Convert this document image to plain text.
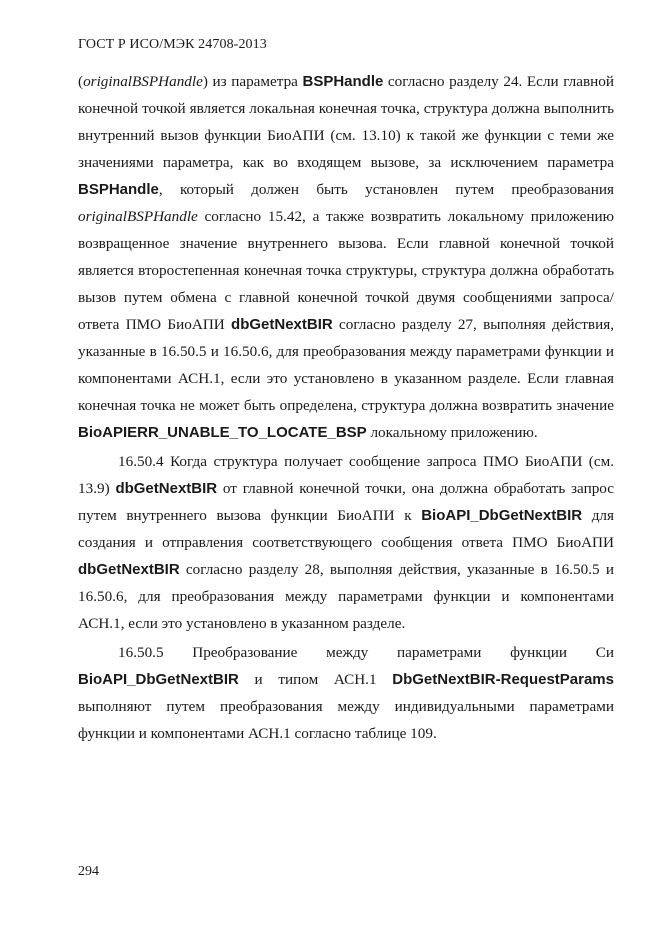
ГОСТ Р ИСО/МЭК 24708-2013

(originalBSPHandle) из параметра BSPHandle согласно разделу 24. Если главной конечной точкой является локальная конечная точка, структура должна выполнить внутренний вызов функции БиоАПИ (см. 13.10) к такой же функции с теми же значениями параметра, как во входящем вызове, за исключением параметра BSPHandle, который должен быть установлен путем преобразования originalBSPHandle согласно 15.42, а также возвратить локальному приложению возвращенное значение внутреннего вызова. Если главной конечной точкой является второстепенная конечная точка структуры, структура должна обработать вызов путем обмена с главной конечной точкой двумя сообщениями запроса/ответа ПМО БиоАПИ dbGetNextBIR согласно разделу 27, выполняя действия, указанные в 16.50.5 и 16.50.6, для преобразования между параметрами функции и компонентами АСН.1, если это установлено в указанном разделе. Если главная конечная точка не может быть определена, структура должна возвратить значение BioAPIERR_UNABLE_TO_LOCATE_BSP локальному приложению.

16.50.4 Когда структура получает сообщение запроса ПМО БиоАПИ (см. 13.9) dbGetNextBIR от главной конечной точки, она должна обработать запрос путем внутреннего вызова функции БиоАПИ к BioAPI_DbGetNextBIR для создания и отправления соответствующего сообщения ответа ПМО БиоАПИ dbGetNextBIR согласно разделу 28, выполняя действия, указанные в 16.50.5 и 16.50.6, для преобразования между параметрами функции и компонентами АСН.1, если это установлено в указанном разделе.

16.50.5 Преобразование между параметрами функции Си BioAPI_DbGetNextBIR и типом АСН.1 DbGetNextBIR-RequestParams выполняют путем преобразования между индивидуальными параметрами функции и компонентами АСН.1 согласно таблице 109.

294
